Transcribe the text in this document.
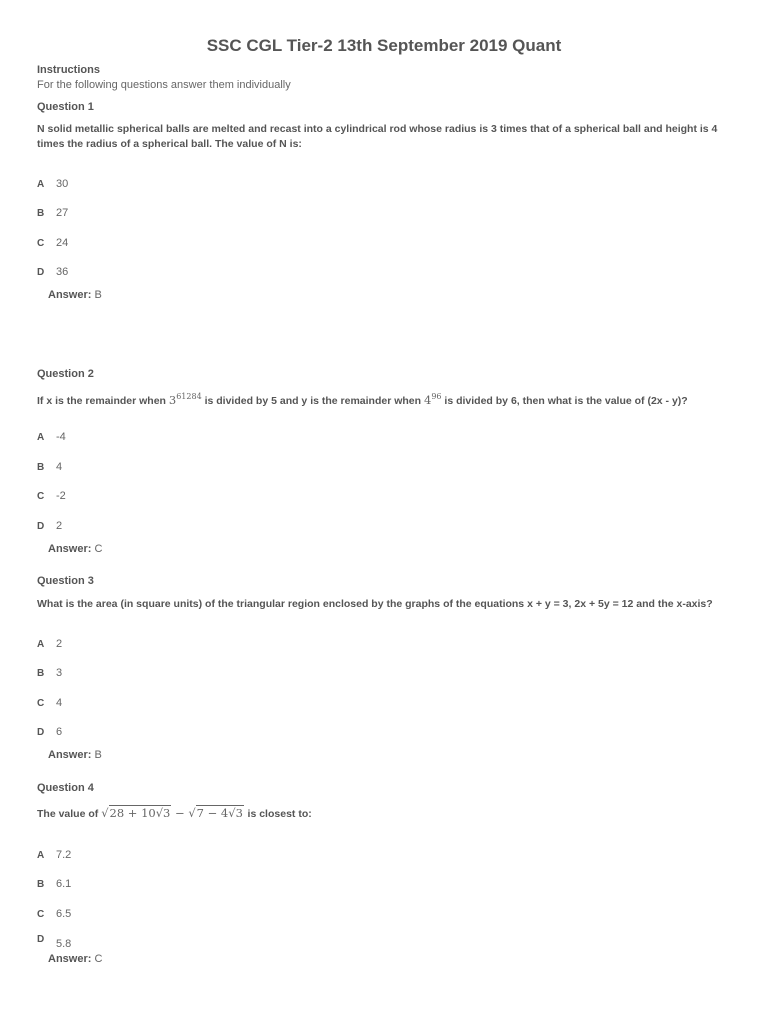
SSC CGL Tier-2 13th September 2019 Quant
Instructions
For the following questions answer them individually
Question 1
N solid metallic spherical balls are melted and recast into a cylindrical rod whose radius is 3 times that of a spherical ball and height is 4 times the radius of a spherical ball. The value of N is:
A 30
B 27
C 24
D 36
Answer: B
Question 2
If x is the remainder when $3^{61284}$ is divided by 5 and y is the remainder when $4^{96}$ is divided by 6, then what is the value of (2x - y)?
A -4
B 4
C -2
D 2
Answer: C
Question 3
What is the area (in square units) of the triangular region enclosed by the graphs of the equations x + y = 3, 2x + 5y = 12 and the x-axis?
A 2
B 3
C 4
D 6
Answer: B
Question 4
The value of √28 + 10√3 − √7 − 4√3 is closest to:
A 7.2
B 6.1
C 6.5
D 5.8
Answer: C
